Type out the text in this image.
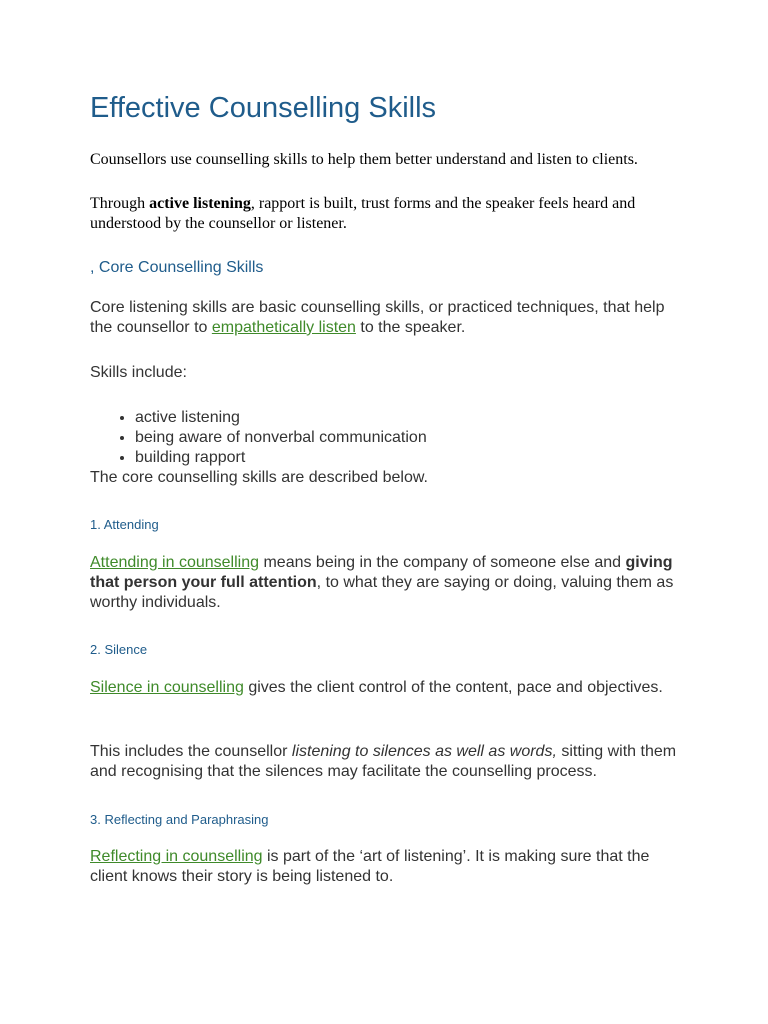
Effective Counselling Skills

Counsellors use counselling skills to help them better understand and listen to clients.

Through active listening, rapport is built, trust forms and the speaker feels heard and understood by the counsellor or listener.

, Core Counselling Skills

Core listening skills are basic counselling skills, or practiced techniques, that help the counsellor to empathetically listen to the speaker.

Skills include:

• active listening
• being aware of nonverbal communication
• building rapport

The core counselling skills are described below.

1. Attending

Attending in counselling means being in the company of someone else and giving that person your full attention, to what they are saying or doing, valuing them as worthy individuals.

2. Silence

Silence in counselling gives the client control of the content, pace and objectives.

This includes the counsellor listening to silences as well as words, sitting with them and recognising that the silences may facilitate the counselling process.

3. Reflecting and Paraphrasing

Reflecting in counselling is part of the ‘art of listening’. It is making sure that the client knows their story is being listened to.
